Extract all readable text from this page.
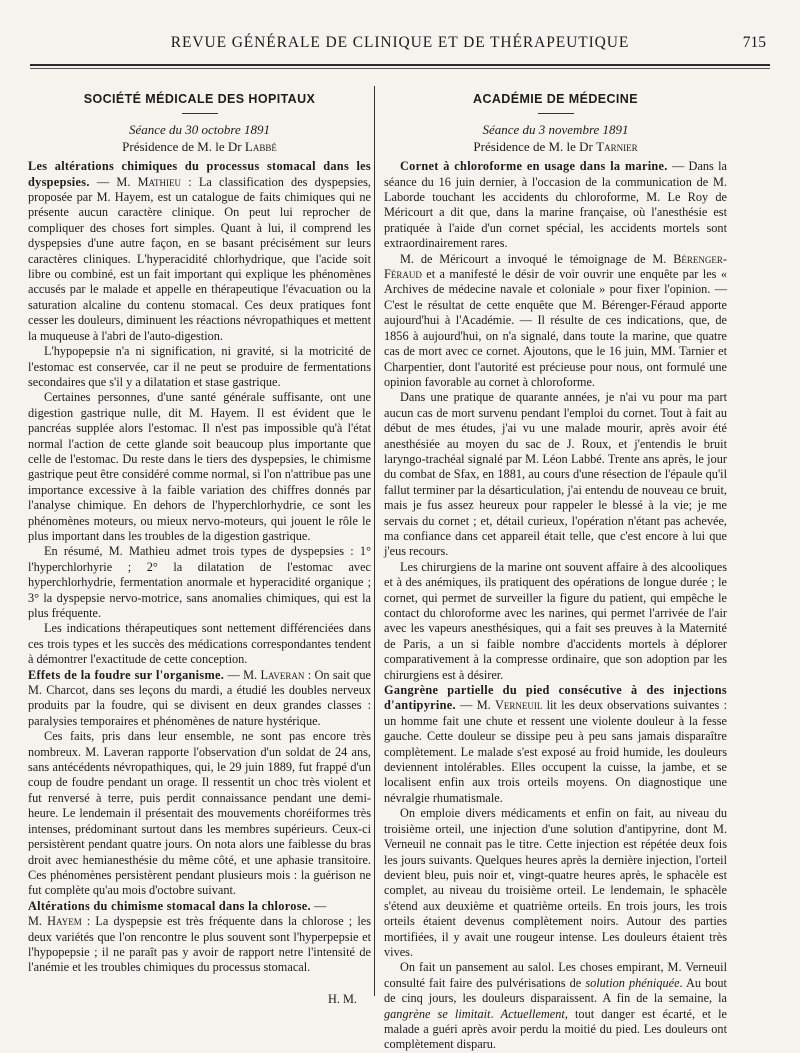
REVUE GÉNÉRALE DE CLINIQUE ET DE THÉRAPEUTIQUE	715
SOCIÉTÉ MÉDICALE DES HOPITAUX
Séance du 30 octobre 1891
Présidence de M. le Dr Labbé

Les altérations chimiques du processus stomacal dans les dyspepsies. — M. Mathieu : La classification des dyspepsies, proposée par M. Hayem, est un catalogue de faits chimiques qui ne présente aucun caractère clinique. On peut lui reprocher de compliquer des choses fort simples. Quant à lui, il comprend les dyspepsies d'une autre façon, en se basant précisément sur leurs caractères cliniques. L'hyperacidité chlorhydrique, que l'acide soit libre ou combiné, est un fait important qui explique les phénomènes accusés par le malade et appelle en thérapeutique l'évacuation ou la saturation alcaline du contenu stomacal. Ces deux pratiques font cesser les douleurs, diminuent les réactions névropathiques et mettent la muqueuse à l'abri de l'auto-digestion.

L'hypopepsie n'a ni signification, ni gravité, si la motricité de l'estomac est conservée, car il ne peut se produire de fermentations secondaires que s'il y a dilatation et stase gastrique.

Certaines personnes, d'une santé générale suffisante, ont une digestion gastrique nulle, dit M. Hayem. Il est évident que le pancréas supplée alors l'estomac. Il n'est pas impossible qu'à l'état normal l'action de cette glande soit beaucoup plus importante que celle de l'estomac. Du reste dans le tiers des dyspepsies, le chimisme gastrique peut être considéré comme normal, si l'on n'attribue pas une importance excessive à la faible variation des chiffres donnés par l'analyse chimique. En dehors de l'hyperchlorhydrie, ce sont les phénomènes moteurs, ou mieux nervo-moteurs, qui jouent le rôle le plus important dans les troubles de la digestion gastrique.

En résumé, M. Mathieu admet trois types de dyspepsies : 1° l'hyperchlorhyrie ; 2° la dilatation de l'estomac avec hyperchlorhydrie, fermentation anormale et hyperacidité organique ; 3° la dyspepsie nervo-motrice, sans anomalies chimiques, qui est la plus fréquente.

Les indications thérapeutiques sont nettement différenciées dans ces trois types et les succès des médications correspondantes tendent à démontrer l'exactitude de cette conception.

Effets de la foudre sur l'organisme. — M. Laveran : On sait que M. Charcot, dans ses leçons du mardi, a étudié les doubles nerveux produits par la foudre, qui se divisent en deux grandes classes : paralysies temporaires et phénomènes de nature hystérique.

Ces faits, pris dans leur ensemble, ne sont pas encore très nombreux. M. Laveran rapporte l'observation d'un soldat de 24 ans, sans antécédents névropathiques, qui, le 29 juin 1889, fut frappé d'un coup de foudre pendant un orage. Il ressentit un choc très violent et fut renversé à terre, puis perdit connaissance pendant une demi-heure. Le lendemain il présentait des mouvements choréiformes très intenses, prédominant surtout dans les membres supérieurs. Ceux-ci persistèrent pendant quatre jours. On nota alors une faiblesse du bras droit avec hemianesthésie du même côté, et une aphasie transitoire. Ces phénomènes persistèrent pendant plusieurs mois : la guérison ne fut complète qu'au mois d'octobre suivant.

Altérations du chimisme stomacal dans la chlorose. —
M. Hayem : La dyspepsie est très fréquente dans la chlorose ; les deux variétés que l'on rencontre le plus souvent sont l'hyperpepsie et l'hypopepsie ; il ne paraît pas y avoir de rapport netre l'intensité de l'anémie et les troubles chimiques du processus stomacal.

H. M.
ACADÉMIE DE MÉDECINE
Séance du 3 novembre 1891
Présidence de M. le Dr Tarnier

Cornet à chloroforme en usage dans la marine. — Dans la séance du 16 juin dernier, à l'occasion de la communication de M. Laborde touchant les accidents du chloroforme, M. Le Roy de Méricourt a dit que, dans la marine française, où l'anesthésie est pratiquée à l'aide d'un cornet spécial, les accidents mortels sont extraordinairement rares.

M. de Méricourt a invoqué le témoignage de M. Bérenger-Féraud et a manifesté le désir de voir ouvrir une enquête par les « Archives de médecine navale et coloniale » pour fixer l'opinion. — C'est le résultat de cette enquête que M. Bérenger-Féraud apporte aujourd'hui à l'Académie. — Il résulte de ces indications, que, de 1856 à aujourd'hui, on n'a signalé, dans toute la marine, que quatre cas de mort avec ce cornet. Ajoutons, que le 16 juin, MM. Tarnier et Charpentier, dont l'autorité est précieuse pour nous, ont formulé une opinion favorable au cornet à chloroforme.

Dans une pratique de quarante années, je n'ai vu pour ma part aucun cas de mort survenu pendant l'emploi du cornet. Tout à fait au début de mes études, j'ai vu une malade mourir, après avoir été anesthésiée au moyen du sac de J. Roux, et j'entendis le bruit laryngo-trachéal signalé par M. Léon Labbé. Trente ans après, le jour du combat de Sfax, en 1881, au cours d'une résection de l'épaule qu'il fallut terminer par la désarticulation, j'ai entendu de nouveau ce bruit, mais je fus assez heureux pour rappeler le blessé à la vie; je me servais du cornet ; et, détail curieux, l'opération n'étant pas achevée, ma confiance dans cet appareil était telle, que c'est encore à lui que j'eus recours.

Les chirurgiens de la marine ont souvent affaire à des alcooliques et à des anémiques, ils pratiquent des opérations de longue durée ; le cornet, qui permet de surveiller la figure du patient, qui empêche le contact du chloroforme avec les narines, qui permet l'arrivée de l'air avec les vapeurs anesthésiques, qui a fait ses preuves à la Maternité de Paris, a un si faible nombre d'accidents mortels à déplorer comparativement à la compresse ordinaire, que son adoption par les chirurgiens est à désirer.

Gangrène partielle du pied consécutive à des injections d'antipyrine. — M. Verneuil lit les deux observations suivantes : un homme fait une chute et ressent une violente douleur à la fesse gauche. Cette douleur se dissipe peu à peu sans jamais disparaître complètement. Le malade s'est exposé au froid humide, les douleurs deviennent intolérables. Elles occupent la cuisse, la jambe, et se localisent enfin aux trois orteils moyens. On diagnostique une névralgie rhumatismale.

On emploie divers médicaments et enfin on fait, au niveau du troisième orteil, une injection d'une solution d'antipyrine, dont M. Verneuil ne connait pas le titre. Cette injection est répétée deux fois les jours suivants. Quelques heures après la dernière injection, l'orteil devient bleu, puis noir et, vingt-quatre heures après, le sphacèle est complet, au niveau du troisième orteil. Le lendemain, le sphacèle s'étend aux deuxième et quatrième orteils. En trois jours, les trois orteils étaient devenus complètement noirs. Autour des parties mortifiées, il y avait une rougeur intense. Les douleurs étaient très vives.

On fait un pansement au salol. Les choses empirant, M. Verneuil consulté fait faire des pulvérisations de solution phéniquée. Au bout de cinq jours, les douleurs disparaissent. A fin de la semaine, la gangrène se limitait. Actuellement, tout danger est écarté, et le malade a guéri après avoir perdu la moitié du pied. Les douleurs ont complètement disparu.
